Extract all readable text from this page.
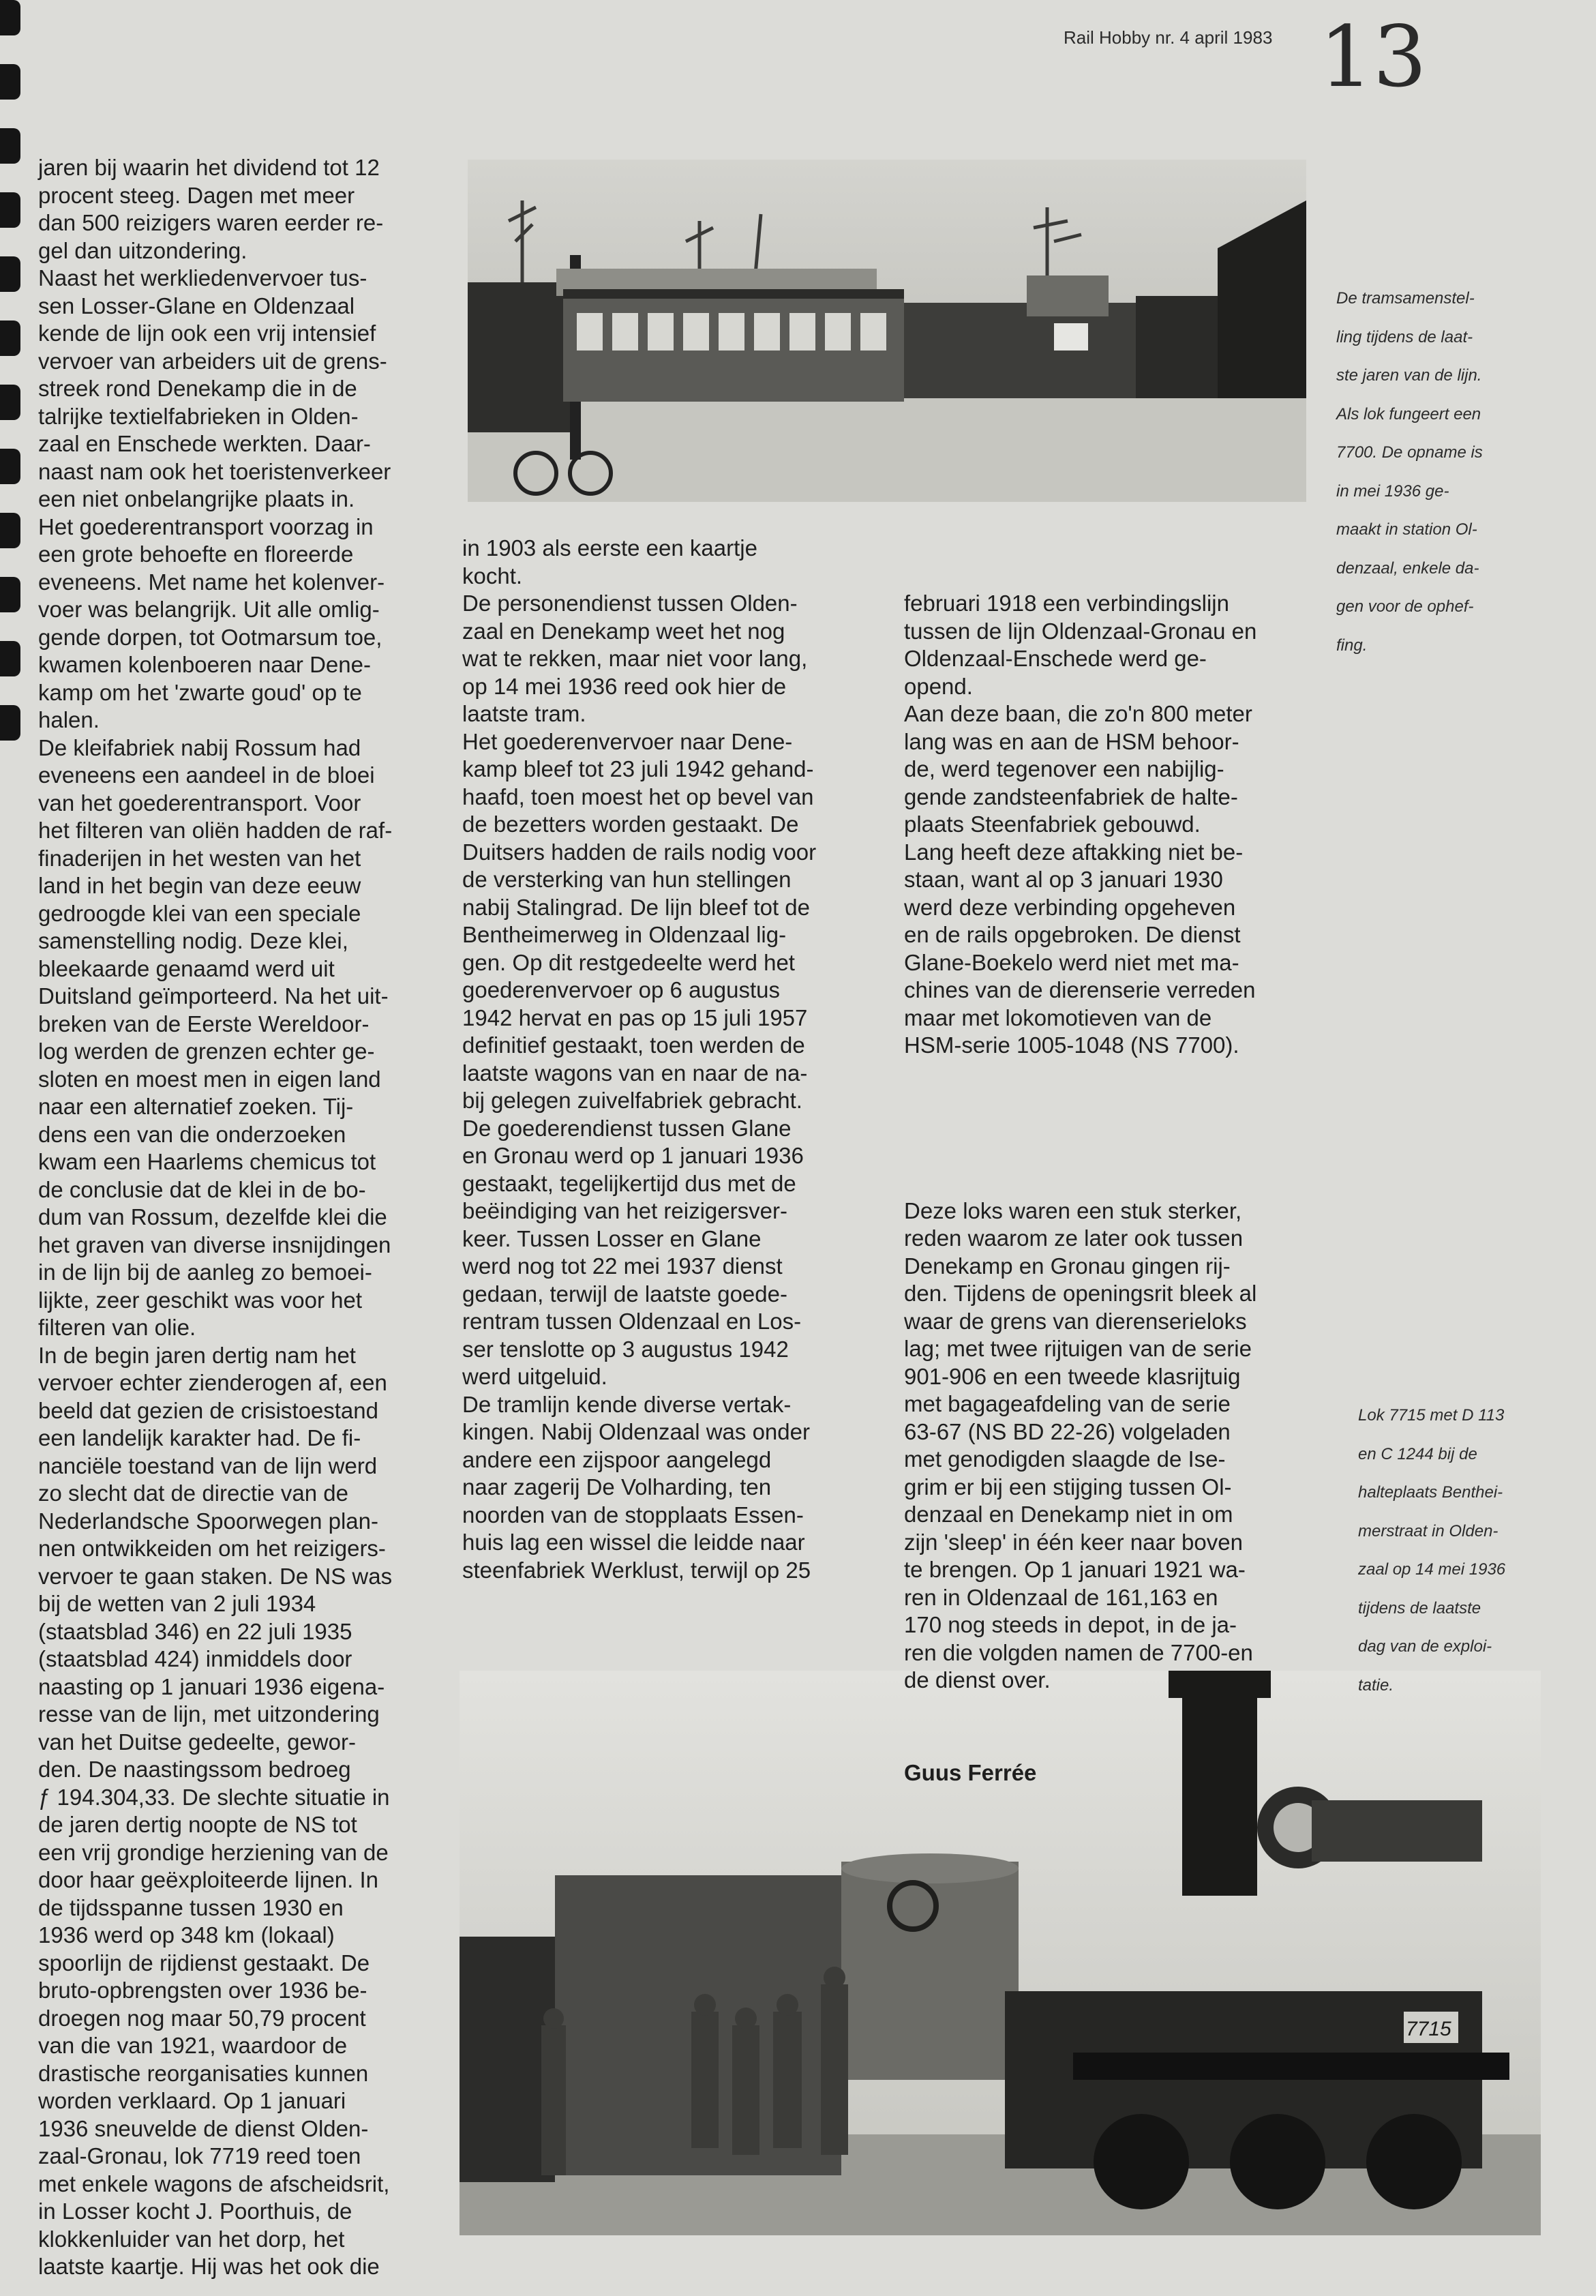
Rail Hobby nr. 4 april 1983 13
7715

jaren bij waarin het dividend tot 12

procent steeg. Dagen met meer

dan 500 reizigers waren eerder re-

gel dan uitzondering.

Naast het werkliedenvervoer tus-

sen Losser-Glane en Oldenzaal

kende de lijn ook een vrij intensief

vervoer van arbeiders uit de grens-

streek rond Denekamp die in de

talrijke textielfabrieken in Olden-

zaal en Enschede werkten. Daar-

naast nam ook het toeristenverkeer

een niet onbelangrijke plaats in.

Het goederentransport voorzag in

een grote behoefte en floreerde

eveneens. Met name het kolenver-

voer was belangrijk. Uit alle omlig-

gende dorpen, tot Ootmarsum toe,

kwamen kolenboeren naar Dene-

kamp om het 'zwarte goud' op te

halen.

De kleifabriek nabij Rossum had

eveneens een aandeel in de bloei

van het goederentransport. Voor

het filteren van oliën hadden de raf-

finaderijen in het westen van het

land in het begin van deze eeuw

gedroogde klei van een speciale

samenstelling nodig. Deze klei,

bleekaarde genaamd werd uit

Duitsland geïmporteerd. Na het uit-

breken van de Eerste Wereldoor-

log werden de grenzen echter ge-

sloten en moest men in eigen land

naar een alternatief zoeken. Tij-

dens een van die onderzoeken

kwam een Haarlems chemicus tot

de conclusie dat de klei in de bo-

dum van Rossum, dezelfde klei die

het graven van diverse insnijdingen

in de lijn bij de aanleg zo bemoei-

lijkte, zeer geschikt was voor het

filteren van olie.

In de begin jaren dertig nam het

vervoer echter zienderogen af, een

beeld dat gezien de crisistoestand

een landelijk karakter had. De fi-

nanciële toestand van de lijn werd

zo slecht dat de directie van de

Nederlandsche Spoorwegen plan-

nen ontwikkeiden om het reizigers-

vervoer te gaan staken. De NS was

bij de wetten van 2 juli 1934

(staatsblad 346) en 22 juli 1935

(staatsblad 424) inmiddels door

naasting op 1 januari 1936 eigena-

resse van de lijn, met uitzondering

van het Duitse gedeelte, gewor-

den. De naastingssom bedroeg

ƒ 194.304,33. De slechte situatie in

de jaren dertig noopte de NS tot

een vrij grondige herziening van de

door haar geëxploiteerde lijnen. In

de tijdsspanne tussen 1930 en

1936 werd op 348 km (lokaal)

spoorlijn de rijdienst gestaakt. De

bruto-opbrengsten over 1936 be-

droegen nog maar 50,79 procent

van die van 1921, waardoor de

drastische reorganisaties kunnen

worden verklaard. Op 1 januari

1936 sneuvelde de dienst Olden-

zaal-Gronau, lok 7719 reed toen

met enkele wagons de afscheidsrit,

in Losser kocht J. Poorthuis, de

klokkenluider van het dorp, het

laatste kaartje. Hij was het ook die

in 1903 als eerste een kaartje

kocht.

De personendienst tussen Olden-

zaal en Denekamp weet het nog

wat te rekken, maar niet voor lang,

op 14 mei 1936 reed ook hier de

laatste tram.

Het goederenvervoer naar Dene-

kamp bleef tot 23 juli 1942 gehand-

haafd, toen moest het op bevel van

de bezetters worden gestaakt. De

Duitsers hadden de rails nodig voor

de versterking van hun stellingen

nabij Stalingrad. De lijn bleef tot de

Bentheimerweg in Oldenzaal lig-

gen. Op dit restgedeelte werd het

goederenvervoer op 6 augustus

1942 hervat en pas op 15 juli 1957

definitief gestaakt, toen werden de

laatste wagons van en naar de na-

bij gelegen zuivelfabriek gebracht.

De goederendienst tussen Glane

en Gronau werd op 1 januari 1936

gestaakt, tegelijkertijd dus met de

beëindiging van het reizigersver-

keer. Tussen Losser en Glane

werd nog tot 22 mei 1937 dienst

gedaan, terwijl de laatste goede-

rentram tussen Oldenzaal en Los-

ser tenslotte op 3 augustus 1942

werd uitgeluid.

De tramlijn kende diverse vertak-

kingen. Nabij Oldenzaal was onder

andere een zijspoor aangelegd

naar zagerij De Volharding, ten

noorden van de stopplaats Essen-

huis lag een wissel die leidde naar

steenfabriek Werklust, terwijl op 25

februari 1918 een verbindingslijn

tussen de lijn Oldenzaal-Gronau en

Oldenzaal-Enschede werd ge-

opend.

Aan deze baan, die zo'n 800 meter

lang was en aan de HSM behoor-

de, werd tegenover een nabijlig-

gende zandsteenfabriek de halte-

plaats Steenfabriek gebouwd.

Lang heeft deze aftakking niet be-

staan, want al op 3 januari 1930

werd deze verbinding opgeheven

en de rails opgebroken. De dienst

Glane-Boekelo werd niet met ma-

chines van de dierenserie verreden

maar met lokomotieven van de

HSM-serie 1005-1048 (NS 7700).

Deze loks waren een stuk sterker,

reden waarom ze later ook tussen

Denekamp en Gronau gingen rij-

den. Tijdens de openingsrit bleek al

waar de grens van dierenserieloks

lag; met twee rijtuigen van de serie

901-906 en een tweede klasrijtuig

met bagageafdeling van de serie

63-67 (NS BD 22-26) volgeladen

met genodigden slaagde de Ise-

grim er bij een stijging tussen Ol-

denzaal en Denekamp niet in om

zijn 'sleep' in één keer naar boven

te brengen. Op 1 januari 1921 wa-

ren in Oldenzaal de 161,163 en

170 nog steeds in depot, in de ja-

ren die volgden namen de 7700-en

de dienst over.

Guus Ferrée

De tramsamenstel-

ling tijdens de laat-

ste jaren van de lijn.

Als lok fungeert een

7700. De opname is

in mei 1936 ge-

maakt in station Ol-

denzaal, enkele da-

gen voor de ophef-

fing.

Lok 7715 met D 113

en C 1244 bij de

halteplaats Benthei-

merstraat in Olden-

zaal op 14 mei 1936

tijdens de laatste

dag van de exploi-

tatie.
